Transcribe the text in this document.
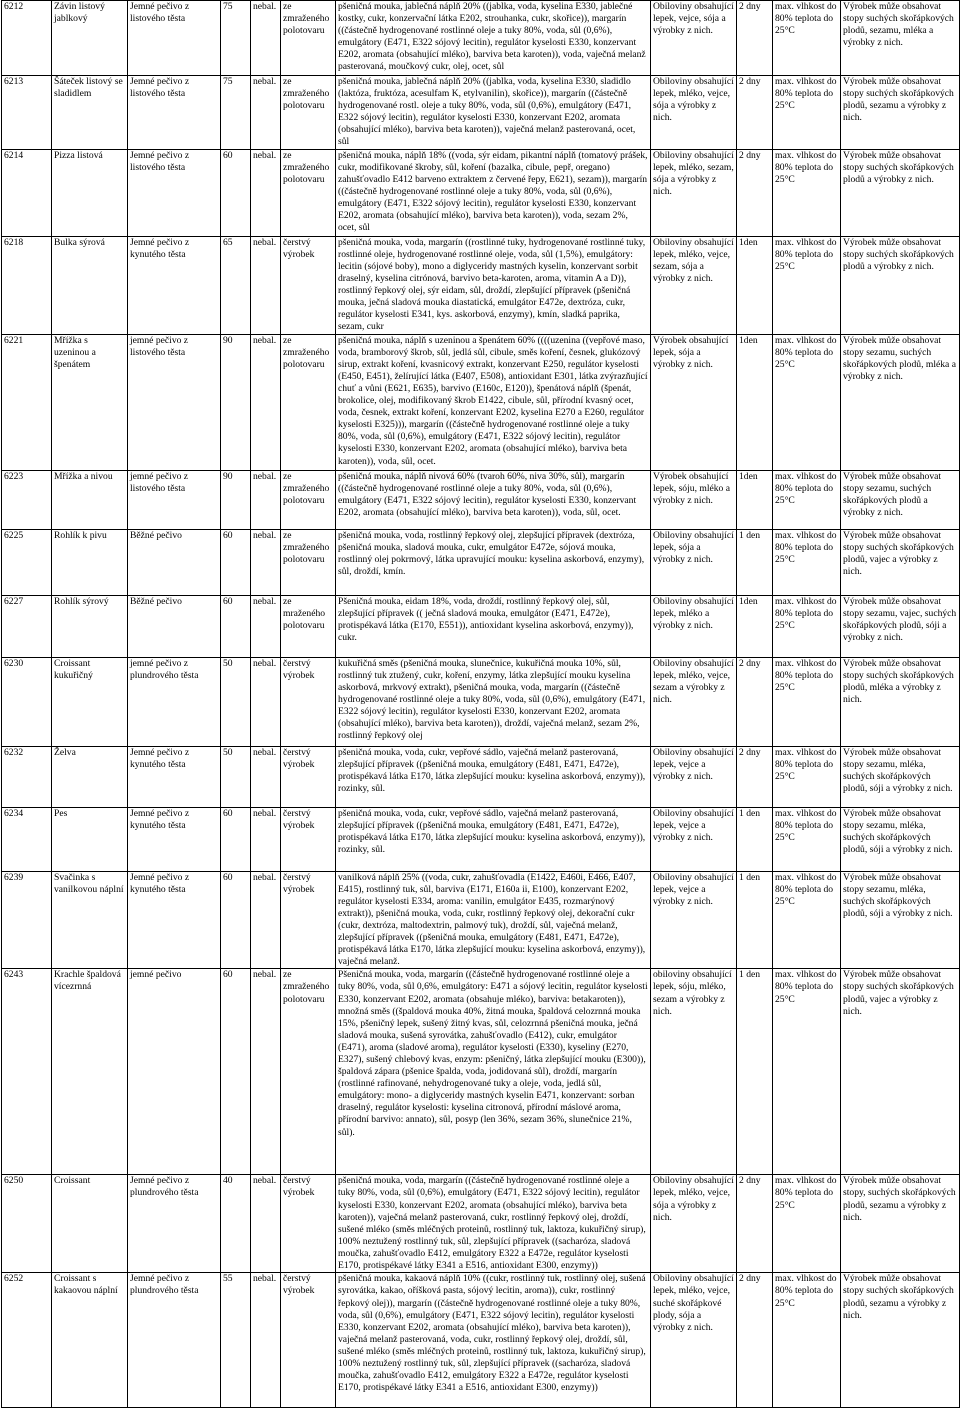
6212	Závin listový jablkový	Jemné pečivo z listového těsta	75	nebal.	ze zmraženého polotovaru	pšeničná mouka, jablečná náplň 20% ((jablka, voda, kyselina E330, jablečné kostky, cukr, konzervační látka E202, strouhanka, cukr, skořice)), margarín ((částečně hydrogenované rostlinné oleje a tuky 80%, voda, sůl (0,6%), emulgátory (E471, E322 sójový lecitin), regulátor kyselosti E330, konzervant E202, aromata (obsahující mléko), barviva beta karoten)), voda, vaječná melanž pasterovaná, moučkový cukr, olej, ocet, sůl	Obiloviny obsahující lepek, vejce, sója a výrobky z nich.	2 dny	max. vlhkost do 80% teplota do 25°C	Výrobek může obsahovat stopy suchých skořápkových plodů, sezamu, mléka a výrobky z nich.
6213	Šáteček listový se sladidlem	Jemné pečivo z listového těsta	75	nebal.	ze zmraženého polotovaru	pšeničná mouka, jablečná náplň 20% ((jablka, voda, kyselina E330, sladidlo (laktóza, fruktóza, acesulfam K, etylvanilin), skořice)), margarín ((částečně hydrogenované rostl. oleje a tuky 80%, voda, sůl (0,6%), emulgátory (E471, E322 sójový lecitin), regulátor kyselosti E330, konzervant E202, aromata (obsahující mléko), barviva beta karoten)), vaječná melanž pasterovaná, ocet, sůl	Obiloviny obsahující lepek, mléko, vejce, sója a výrobky z nich.	2 dny	max. vlhkost do 80% teplota do 25°C	Výrobek může obsahovat stopy suchých skořápkových plodů, sezamu a výrobky z nich.
6214	Pizza listová	Jemné pečivo z listového těsta	60	nebal.	ze zmraženého polotovaru	pšeničná mouka, náplň 18% ((voda, sýr eidam, pikantní náplň (tomatový prášek, cukr, modifikované škroby, sůl, koření (bazalka, cibule, pepř, oregano) zahušťovadlo E412 barveno extraktem z červené řepy, E621), sezam)), margarín ((částečně hydrogenované rostlinné oleje a tuky 80%, voda, sůl (0,6%), emulgátory (E471, E322 sójový lecitin), regulátor kyselosti E330, konzervant E202, aromata (obsahující mléko), barviva beta karoten)), voda, sezam 2%, ocet, sůl	Obiloviny obsahující lepek, mléko, sezam, sója a výrobky z nich.	2 dny	max. vlhkost do 80% teplota do 25°C	Výrobek může obsahovat stopy suchých skořápkových plodů a výrobky z nich.
6218	Bulka sýrová	Jemné pečivo z kynutého těsta	65	nebal.	čerstvý výrobek	pšeničná mouka, voda, margarín ((rostlinné tuky, hydrogenované rostlinné tuky, rostlinné oleje, hydrogenované rostlinné oleje, voda, sůl (1,5%), emulgátory: lecitin (sójové boby), mono a diglyceridy mastných kyselin, konzervant sorbit draselný, kyselina citrónová, barvivo beta-karoten, aroma, vitamin A a D)), rostlinný řepkový olej, sýr eidam, sůl, droždí, zlepšující přípravek (pšeničná mouka, ječná sladová mouka diastatická, emulgátor E472e, dextróza, cukr, regulátor kyselosti E341, kys. askorbová, enzymy), kmín, sladká paprika, sezam, cukr	Obiloviny obsahující lepek, mléko, vejce, sezam, sója a výrobky z nich.	1den	max. vlhkost do 80% teplota do 25°C	Výrobek může obsahovat stopy suchých skořápkových plodů a výrobky z nich.
6221	Mřížka s uzeninou a špenátem	jemné pečivo z listového těsta	90	nebal.	ze zmraženého polotovaru	pšeničná mouka, náplň s uzeninou a špenátem 60% ((((uzenina ((vepřové maso, voda, bramborový škrob, sůl, jedlá sůl, cibule, směs koření, česnek, glukózový sirup, extrakt koření, kvasnicový extrakt, konzervant E250, regulátor kyselosti (E450, E451), želírující látka (E407, E508), antioxidant E301, látka zvýrazňující chuť a vůni (E621, E635), barvivo (E160c, E120)), špenátová náplň (špenát, brokolice, olej, modifikovaný škrob E1422, cibule, sůl, přírodní kvasný ocet, voda, česnek, extrakt koření, konzervant E202, kyselina E270 a E260, regulátor kyselosti E325))), margarín ((částečně hydrogenované rostlinné oleje a tuky 80%, voda, sůl (0,6%), emulgátory (E471, E322 sójový lecitin), regulátor kyselosti E330, konzervant E202, aromata (obsahující mléko), barviva beta karoten)), voda, sůl, ocet.	Výrobek obsahující lepek, sója a výrobky z nich.	1den	max. vlhkost do 80% teplota do 25°C	Výrobek může obsahovat stopy sezamu, suchých skořápkových plodů, mléka a výrobky z nich.
6223	Mřížka a nivou	jemné pečivo z listového těsta	90	nebal.	ze zmraženého polotovaru	pšeničná mouka, náplň nivová 60% (tvaroh 60%, niva 30%, sůl), margarín ((částečně hydrogenované rostlinné oleje a tuky 80%, voda, sůl (0,6%), emulgátory (E471, E322 sójový lecitin), regulátor kyselosti E330, konzervant E202, aromata (obsahující mléko), barviva beta karoten)), voda, sůl, ocet.	Výrobek obsahující lepek, sóju, mléko a výrobky z nich.	1den	max. vlhkost do 80% teplota do 25°C	Výrobek může obsahovat stopy sezamu, suchých skořápkových plodů a výrobky z nich.
6225	Rohlík k pivu	Běžné pečivo	60	nebal.	ze zmraženého polotovaru	pšeničná mouka, voda, rostlinný řepkový olej, zlepšující přípravek (dextróza, pšeničná mouka, sladová mouka, cukr, emulgátor E472e, sójová mouka, rostlinný olej pokrmový, látka upravující mouku: kyselina askorbová, enzymy), sůl, droždí, kmín.	Obiloviny obsahující lepek, sója a výrobky z nich.	1 den	max. vlhkost do 80% teplota do 25°C	Výrobek může obsahovat stopy suchých skořápkových plodů, vajec a výrobky z nich.
6227	Rohlík sýrový	Běžné pečivo	60	nebal.	ze mraženého polotovaru	Pšeničná mouka, eidam 18%, voda, droždí, rostlinný řepkový olej, sůl, zlepšující přípravek (( ječná sladová mouka, emulgátor (E471, E472e), protispékavá látka (E170, E551)), antioxidant kyselina askorbová, enzymy)), cukr.	Obiloviny obsahující lepek, mléko a výrobky z nich.	1den	max. vlhkost do 80% teplota do 25°C	Výrobek může obsahovat stopy sezamu, vajec, suchých skořápkových plodů, sóji a výrobky z nich.
6230	Croissant kukuřičný	jemné pečivo z plundrového těsta	50	nebal.	čerstvý výrobek	kukuřičná směs (pšeničná mouka, slunečnice, kukuřičná mouka 10%, sůl, rostlinný tuk ztužený, cukr, koření, enzymy, látka zlepšující mouku kyselina askorbová, mrkvový extrakt), pšeničná mouka, voda, margarín ((částečně hydrogenované rostlinné oleje a tuky 80%, voda, sůl (0,6%), emulgátory (E471, E322 sójový lecitin), regulátor kyselosti E330, konzervant E202, aromata (obsahující mléko), barviva beta karoten)), droždí, vaječná melanž, sezam 2%, rostlinný řepkový olej	Obiloviny obsahující lepek, mléko, vejce, sezam a výrobky z nich.	2 dny	max. vlhkost do 80% teplota do 25°C	Výrobek může obsahovat stopy suchých skořápkových plodů, mléka a výrobky z nich.
6232	Želva	Jemné pečivo z kynutého těsta	50	nebal.	čerstvý výrobek	pšeničná mouka, voda, cukr, vepřové sádlo, vaječná melanž pasterovaná, zlepšující přípravek ((pšeničná mouka, emulgátory (E481, E471, E472e), protispékavá látka E170, látka zlepšující mouku: kyselina askorbová, enzymy)), rozinky, sůl.	Obiloviny obsahující lepek, vejce a výrobky z nich.	2 dny	max. vlhkost do 80% teplota do 25°C	Výrobek může obsahovat stopy sezamu, mléka, suchých skořápkových plodů, sóji a výrobky z nich.
6234	Pes	Jemné pečivo z kynutého těsta	60	nebal.	čerstvý výrobek	pšeničná mouka, voda, cukr, vepřové sádlo, vaječná melanž pasterovaná, zlepšující přípravek ((pšeničná mouka, emulgátory (E481, E471, E472e), protispékavá látka E170, látka zlepšující mouku: kyselina askorbová, enzymy)), rozinky, sůl.	Obiloviny obsahující lepek, vejce a výrobky z nich.	1 den	max. vlhkost do 80% teplota do 25°C	Výrobek může obsahovat stopy sezamu, mléka, suchých skořápkových plodů, sóji a výrobky z nich.
6239	Svačinka s vanilkovou náplní	Jemné pečivo z kynutého těsta	60	nebal.	čerstvý výrobek	vanilková náplň 25% ((voda, cukr, zahušťovadla (E1422, E460i, E466, E407, E415), rostlinný tuk, sůl, barviva (E171, E160a ii, E100), konzervant E202, regulátor kyselosti E334, aroma: vanilin, emulgátor E435, rozmarýnový extrakt)), pšeničná mouka, voda, cukr, rostlinný řepkový olej, dekorační cukr (cukr, dextróza, maltodextrin, palmový tuk), droždí, sůl, vaječná melanž, zlepšující přípravek ((pšeničná mouka, emulgátory (E481, E471, E472e), protispékavá látka E170, látka zlepšující mouku: kyselina askorbová, enzymy)), vaječná melanž.	Obiloviny obsahující lepek, vejce a výrobky z nich.	1 den	max. vlhkost do 80% teplota do 25°C	Výrobek může obsahovat stopy sezamu, mléka, suchých skořápkových plodů, sóji a výrobky z nich.
6243	Krachle špaldová vícezrnná	jemné pečivo	60	nebal.	ze zmraženého polotovaru	Pšeničná mouka, voda, margarín ((částečně hydrogenované rostlinné oleje a tuky 80%, voda, sůl 0,6%, emulgátory: E471 a sójový lecitin, regulátor kyselosti E330, konzervant E202, aromata (obsahuje mléko), barviva: betakaroten)), množná směs ((špaldová mouka 40%, žitná mouka, špaldová celozrnná mouka 15%, pšeničný lepek, sušený žitný kvas, sůl, celozrnná pšeničná mouka, ječná sladová mouka, sušená syrovátka, zahušťovadlo (E412), cukr, emulgátor (E471), aroma (sladové aroma), regulátor kyselosti (E330), kyseliny (E270, E327), sušený chlebový kvas, enzym: pšeničný, látka zlepšující mouku (E300)), špaldová zápara (pšenice špalda, voda, jodidovaná sůl), droždí, margarín (rostlinné rafinované, nehydrogenované tuky a oleje, voda, jedlá sůl, emulgátory: mono- a diglyceridy mastných kyselin E471, konzervant: sorban draselný, regulátor kyselosti: kyselina citronová, přírodní máslové aroma, přírodní barvivo: annato), sůl, posyp (len 36%, sezam 36%, slunečnice 21%, sůl).	obiloviny obsahující lepek, sóju, mléko, sezam a výrobky z nich.	1 den	max. vlhkost do 80% teplota do 25°C	Výrobek může obsahovat stopy suchých skořápkových plodů, vajec a výrobky z nich.
6250	Croissant	Jemné pečivo z plundrového těsta	40	nebal.	čerstvý výrobek	pšeničná mouka, voda, margarín ((částečně hydrogenované rostlinné oleje a tuky 80%, voda, sůl (0,6%), emulgátory (E471, E322 sójový lecitin), regulátor kyselosti E330, konzervant E202, aromata (obsahující mléko), barviva beta karoten)), vaječná melanž pasterovaná, cukr, rostlinný řepkový olej, droždí, sušené mléko (směs mléčných proteinů, rostlinný tuk, laktoza, kukuřičný sirup), 100% neztužený rostlinný tuk, sůl, zlepšující přípravek ((sacharóza, sladová moučka, zahušťovadlo E412, emulgátory E322 a E472e, regulátor kyselosti E170, protispékavé látky E341 a E516, antioxidant E300, enzymy))	Obiloviny obsahující lepek, mléko, vejce, sója a výrobky z nich.	2 dny	max. vlhkost do 80% teplota do 25°C	Výrobek může obsahovat stopy, suchých skořápkových plodů, sezamu a výrobky z nich.
6252	Croissant s kakaovou náplní	Jemné pečivo z plundrového těsta	55	nebal.	čerstvý výrobek	pšeničná mouka, kakaová náplň 10% ((cukr, rostlinný tuk, rostlinný olej, sušená syrovátka, kakao, oříšková pasta, sójový lecitin, aroma)), cukr, rostlinný řepkový olej)), margarín ((částečně hydrogenované rostlinné oleje a tuky 80%, voda, sůl (0,6%), emulgátory (E471, E322 sójový lecitin), regulátor kyselosti E330, konzervant E202, aromata (obsahující mléko), barviva beta karoten)), vaječná melanž pasterovaná, voda, cukr, rostlinný řepkový olej, droždí, sůl, sušené mléko (směs mléčných proteinů, rostlinný tuk, laktoza, kukuřičný sirup), 100% neztužený rostlinný tuk, sůl, zlepšující přípravek ((sacharóza, sladová moučka, zahušťovadlo E412, emulgátory E322 a E472e, regulátor kyselosti E170, protispékavé látky E341 a E516, antioxidant E300, enzymy))	Obiloviny obsahující lepek, mléko, vejce, suché skořápkové plody, sója a výrobky z nich.	2 dny	max. vlhkost do 80% teplota do 25°C	Výrobek může obsahovat stopy suchých skořápkových plodů, sezamu a výrobky z nich.
